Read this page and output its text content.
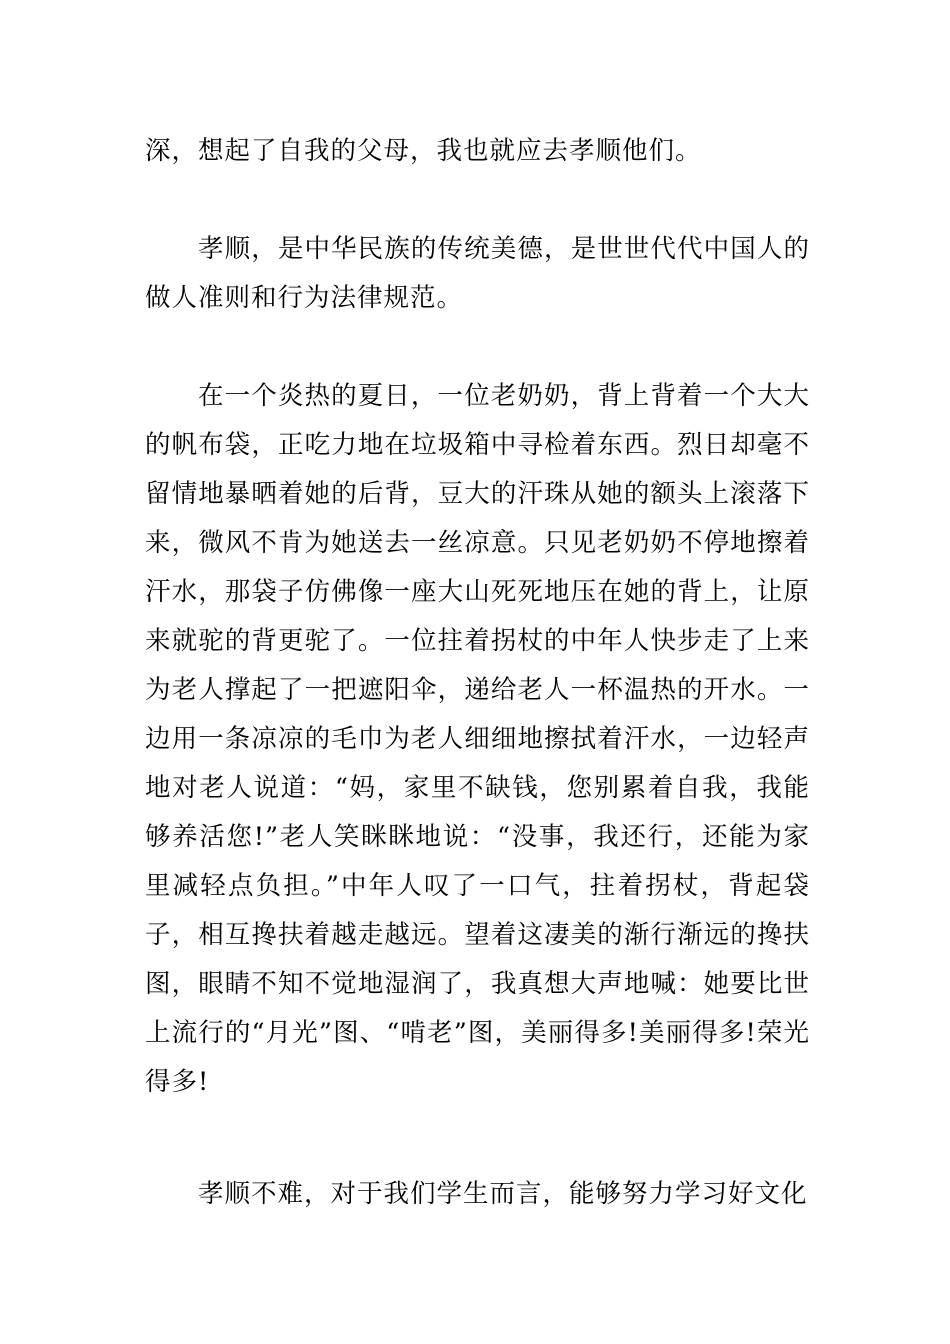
深，想起了自我的父母，我也就应去孝顺他们。

孝顺，是中华民族的传统美德，是世世代代中国人的做人准则和行为法律规范。

在一个炎热的夏日，一位老奶奶，背上背着一个大大的帆布袋，正吃力地在垃圾箱中寻检着东西。烈日却毫不留情地暴晒着她的后背，豆大的汗珠从她的额头上滚落下来，微风不肯为她送去一丝凉意。只见老奶奶不停地擦着汗水，那袋子仿佛像一座大山死死地压在她的背上，让原来就驼的背更驼了。一位拄着拐杖的中年人快步走了上来为老人撑起了一把遮阳伞，递给老人一杯温热的开水。一边用一条凉凉的毛巾为老人细细地擦拭着汗水，一边轻声地对老人说道：“妈，家里不缺钱，您别累着自我，我能够养活您!”老人笑眯眯地说：“没事，我还行，还能为家里减轻点负担。”中年人叹了一口气，拄着拐杖，背起袋子，相互搀扶着越走越远。望着这凄美的渐行渐远的搀扶图，眼睛不知不觉地湿润了，我真想大声地喊：她要比世上流行的“月光”图、“啃老”图，美丽得多!美丽得多!荣光得多!

孝顺不难，对于我们学生而言，能够努力学习好文化
